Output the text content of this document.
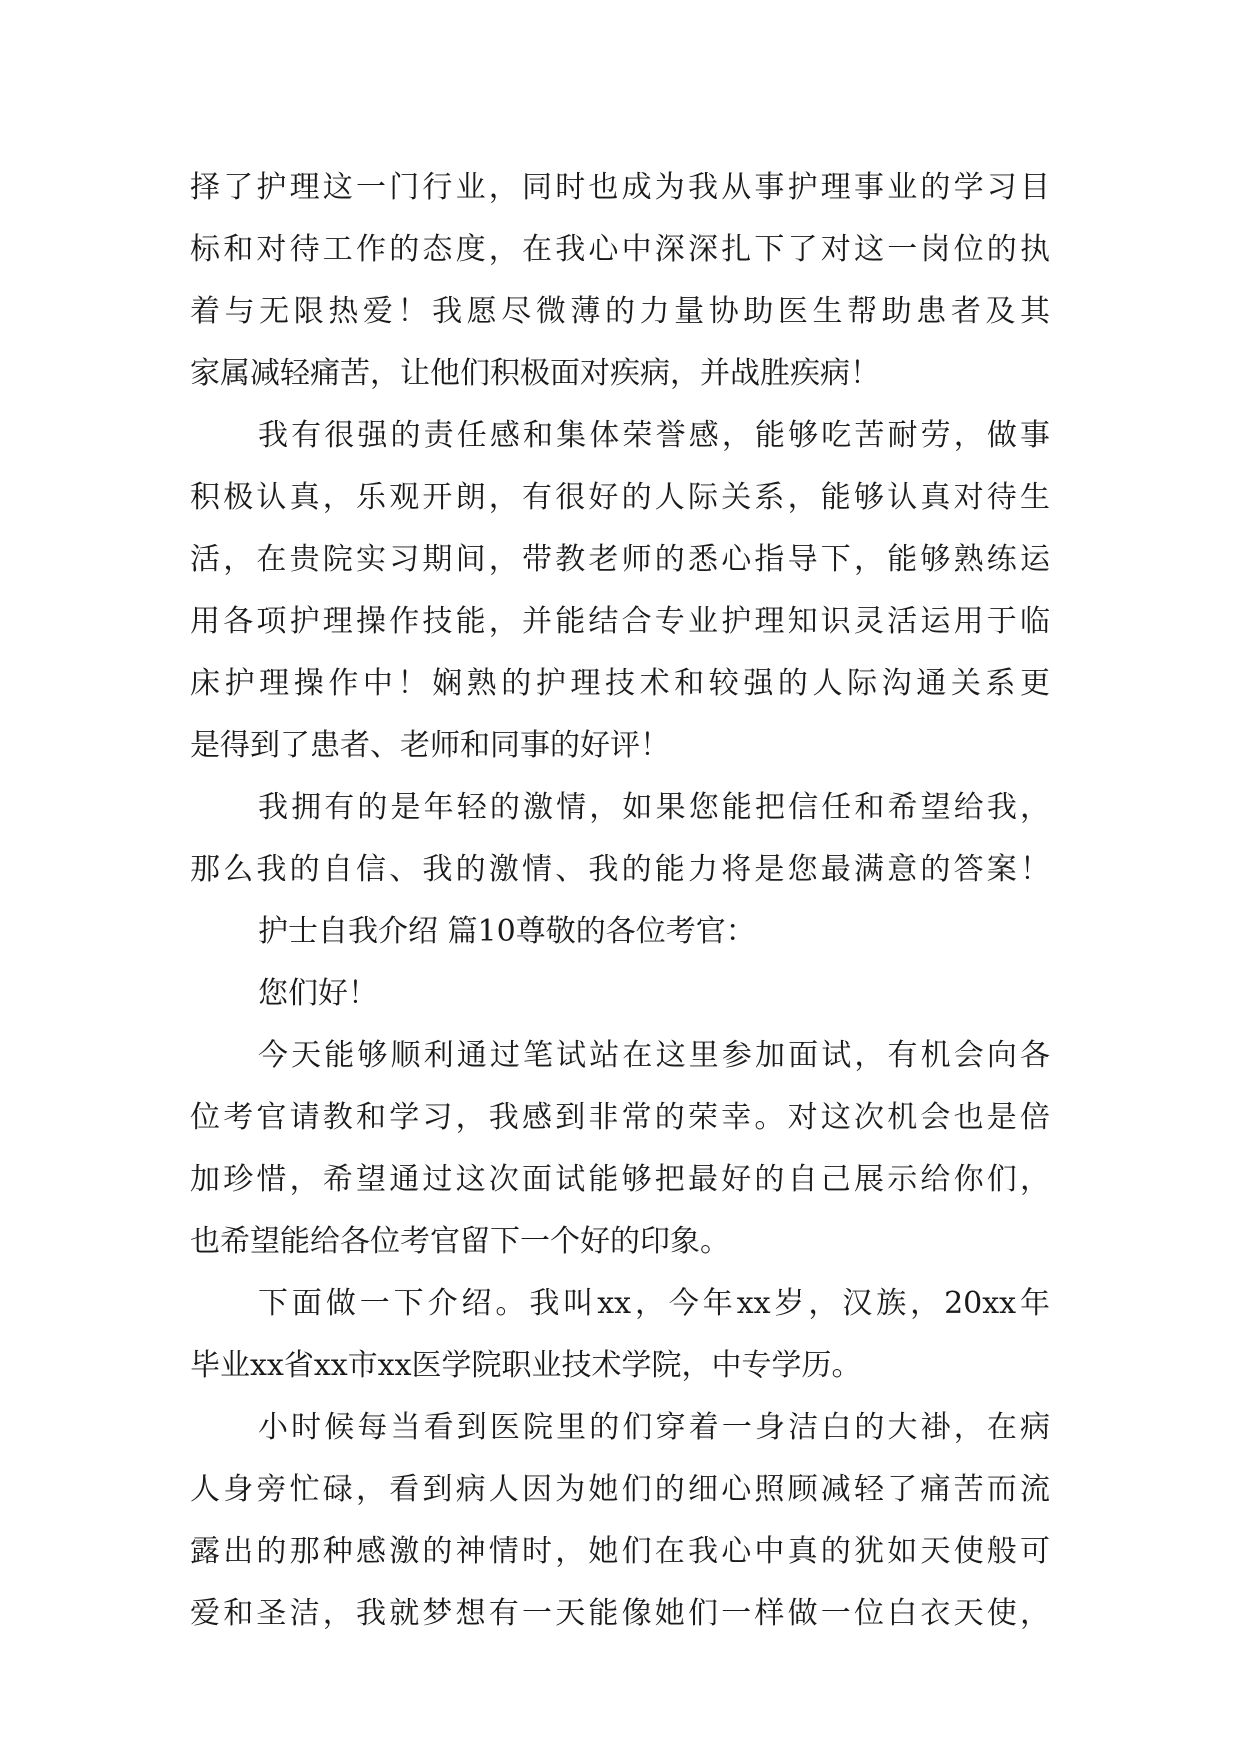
择了护理这一门行业，同时也成为我从事护理事业的学习目
标和对待工作的态度，在我心中深深扎下了对这一岗位的执
着与无限热爱！我愿尽微薄的力量协助医生帮助患者及其
家属减轻痛苦，让他们积极面对疾病，并战胜疾病！
我有很强的责任感和集体荣誉感，能够吃苦耐劳，做事
积极认真，乐观开朗，有很好的人际关系，能够认真对待生
活，在贵院实习期间，带教老师的悉心指导下，能够熟练运
用各项护理操作技能，并能结合专业护理知识灵活运用于临
床护理操作中！娴熟的护理技术和较强的人际沟通关系更
是得到了患者、老师和同事的好评！
我拥有的是年轻的激情，如果您能把信任和希望给我，
那么我的自信、我的激情、我的能力将是您最满意的答案！
护士自我介绍 篇10尊敬的各位考官：
您们好！
今天能够顺利通过笔试站在这里参加面试，有机会向各
位考官请教和学习，我感到非常的荣幸。对这次机会也是倍
加珍惜，希望通过这次面试能够把最好的自己展示给你们，
也希望能给各位考官留下一个好的印象。
下面做一下介绍。我叫xx，今年xx岁，汉族，20xx年
毕业xx省xx市xx医学院职业技术学院，中专学历。
小时候每当看到医院里的们穿着一身洁白的大褂，在病
人身旁忙碌，看到病人因为她们的细心照顾减轻了痛苦而流
露出的那种感激的神情时，她们在我心中真的犹如天使般可
爱和圣洁，我就梦想有一天能像她们一样做一位白衣天使，
